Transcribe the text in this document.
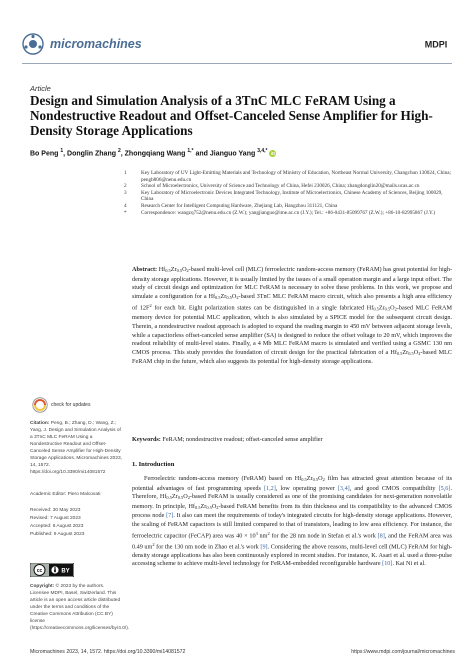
micromachines	MDPI
Article
Design and Simulation Analysis of a 3TnC MLC FeRAM Using a Nondestructive Readout and Offset-Canceled Sense Amplifier for High-Density Storage Applications
Bo Peng $^1$, Donglin Zhang $^2$, Zhongqiang Wang $^{1,*}$ and Jianguo Yang $^{3,4,*}$ iD
1	Key Laboratory of UV Light-Emitting Materials and Technology of Ministry of Education, Northeast Normal University, Changchun 130024, China; pengb806@nenu.edu.cn
2	School of Microelectronics, University of Science and Technology of China, Hefei 230026, China; zhangdonglin20@mails.ucas.ac.cn
3	Key Laboratory of Microelectronic Devices Integrated Technology, Institute of Microelectronics, Chinese Academy of Sciences, Beijing 100029, China
4	Research Center for Intelligent Computing Hardware, Zhejiang Lab, Hangzhou 311121, China
*	Correspondence: wangzq752@nenu.edu.cn (Z.W.); yangjianguo@ime.ac.cn (J.Y.); Tel.: +86-0431-85099767 (Z.W.); +86-10-82995867 (J.Y.)
Abstract: $Hf_{0.5}Zr_{0.5}O_2$-based multi-level cell (MLC) ferroelectric random-access memory (FeRAM) has great potential for high-density storage applications. However, it is usually limited by the issues of a small operation margin and a large input offset. The study of circuit design and optimization for MLC FeRAM is necessary to solve these problems. In this work, we propose and simulate a configuration for a $Hf_{0.5}Zr_{0.5}O_2$-based 3TnC MLC FeRAM macro circuit, which also presents a high area efficiency of $12F^2$ for each bit. Eight polarization states can be distinguished in a single fabricated $Hf_{0.5}Zr_{0.5}O_2$-based MLC FeRAM memory device for potential MLC application, which is also simulated by a SPICE model for the subsequent circuit design. Therein, a nondestructive readout approach is adopted to expand the reading margin to 450 mV between adjacent storage levels, while a capacitorless offset-canceled sense amplifier (SA) is designed to reduce the offset voltage to 20 mV, which improves the readout reliability of multi-level states. Finally, a 4 Mb MLC FeRAM macro is simulated and verified using a GSMC 130 nm CMOS process. This study provides the foundation of circuit design for the practical fabrication of a $Hf_{0.5}Zr_{0.5}O_2$-based MLC FeRAM chip in the future, which also suggests its potential for high-density storage applications.
Keywords: FeRAM; nondestructive readout; offset-canceled sense amplifier
1. Introduction
Ferroelectric random-access memory (FeRAM) based on $Hf_{0.5}Zr_{0.5}O_2$ film has attracted great attention because of its potential advantages of fast programming speeds [1,2], low operating power [3,4], and good CMOS compatibility [5,6]. Therefore, $Hf_{0.5}Zr_{0.5}O_2$-based FeRAM is usually considered as one of the promising candidates for next-generation nonvolatile memory. In principle, $Hf_{0.5}Zr_{0.5}O_2$-based FeRAM benefits from its thin thickness and its compatibility to the advanced CMOS process node [7]. It also can meet the requirements of today's integrated circuits for high-density storage applications. However, the scaling of FeRAM capacitors is still limited compared to that of transistors, leading to low area efficiency. For instance, the ferroelectric capacitor (FeCAP) area was $40 \times 10^3$ $nm^2$ for the 28 nm node in Stefan et al.'s work [8], and the FeRAM area was 0.49 $um^2$ for the 130 nm node in Zhao et al.'s work [9]. Considering the above reasons, multi-level cell (MLC) FeRAM for high-density storage applications has also been continuously explored in recent studies. For instance, K. Asari et al. used a three-pulse accessing scheme to achieve multi-level technology for FeRAM-embedded reconfigurable hardware [10]. Kai Ni et al.
check for updates
Citation: Peng, B.; Zhang, D.; Wang, Z.; Yang, J. Design and Simulation Analysis of a 3TnC MLC FeRAM Using a Nondestructive Readout and Offset-Canceled Sense Amplifier for High-Density Storage Applications. Micromachines 2023, 14, 1572. https://doi.org/10.3390/mi14081572
Academic Editor: Piero Malcovati
Received: 30 May 2023
Revised: 7 August 2023
Accepted: 8 August 2023
Published: 9 August 2023
cc	BY
Copyright: © 2023 by the authors. Licensee MDPI, Basel, Switzerland. This article is an open access article distributed under the terms and conditions of the Creative Commons Attribution (CC BY) license (https://creativecommons.org/licenses/by/4.0/).
Micromachines 2023, 14, 1572. https://doi.org/10.3390/mi14081572	https://www.mdpi.com/journal/micromachines
